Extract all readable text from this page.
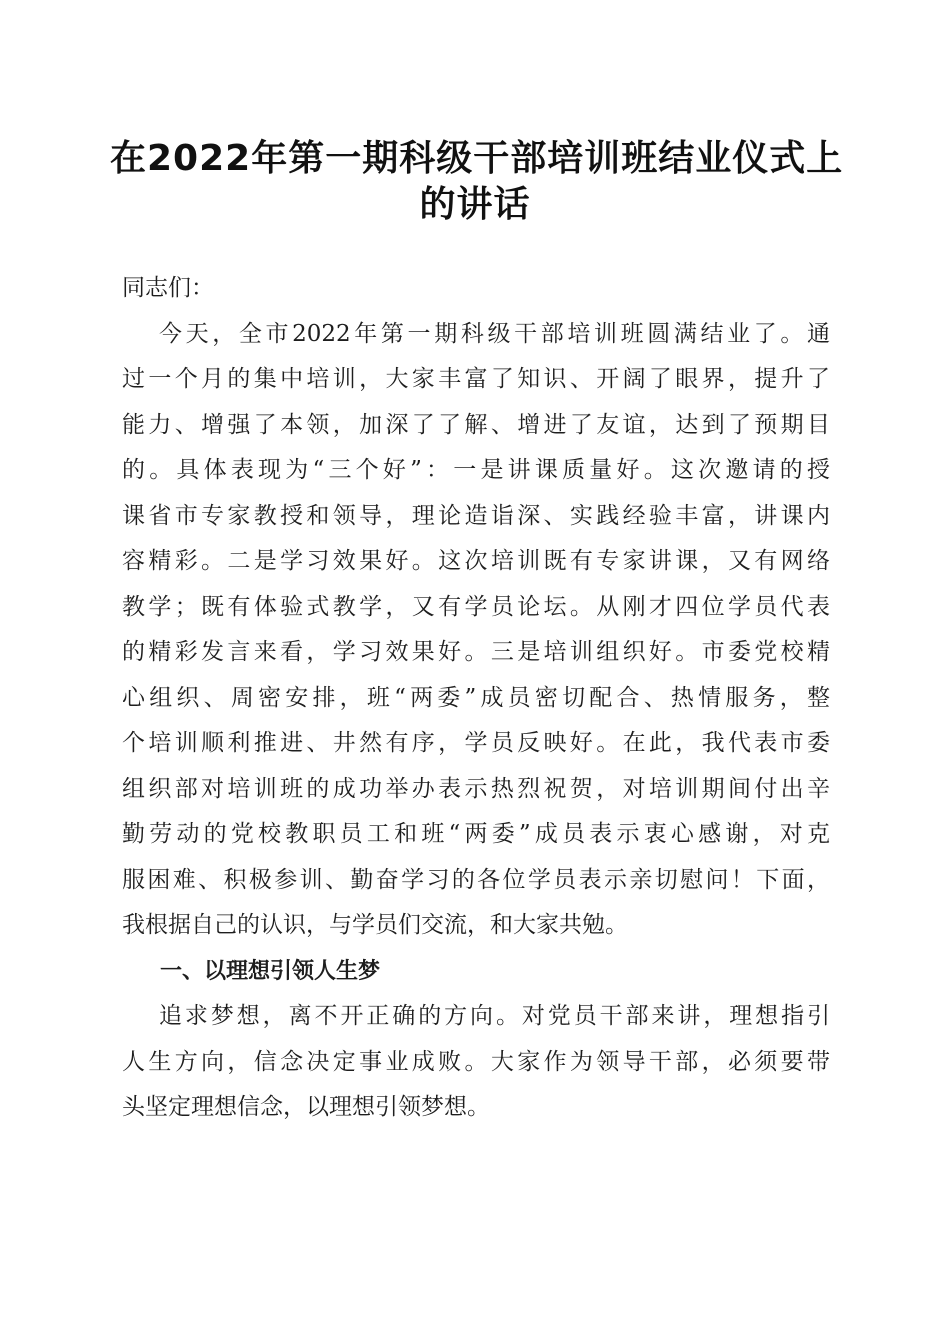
在2022年第一期科级干部培训班结业仪式上
的讲话
同志们：
今天，全市2022年第一期科级干部培训班圆满结业了。通
过一个月的集中培训，大家丰富了知识、开阔了眼界，提升了
能力、增强了本领，加深了了解、增进了友谊，达到了预期目
的。具体表现为“三个好”：一是讲课质量好。这次邀请的授
课省市专家教授和领导，理论造诣深、实践经验丰富，讲课内
容精彩。二是学习效果好。这次培训既有专家讲课，又有网络
教学；既有体验式教学，又有学员论坛。从刚才四位学员代表
的精彩发言来看，学习效果好。三是培训组织好。市委党校精
心组织、周密安排，班“两委”成员密切配合、热情服务，整
个培训顺利推进、井然有序，学员反映好。在此，我代表市委
组织部对培训班的成功举办表示热烈祝贺，对培训期间付出辛
勤劳动的党校教职员工和班“两委”成员表示衷心感谢，对克
服困难、积极参训、勤奋学习的各位学员表示亲切慰问！下面，
我根据自己的认识，与学员们交流，和大家共勉。
一、以理想引领人生梦
追求梦想，离不开正确的方向。对党员干部来讲，理想指引
人生方向，信念决定事业成败。大家作为领导干部，必须要带
头坚定理想信念，以理想引领梦想。
